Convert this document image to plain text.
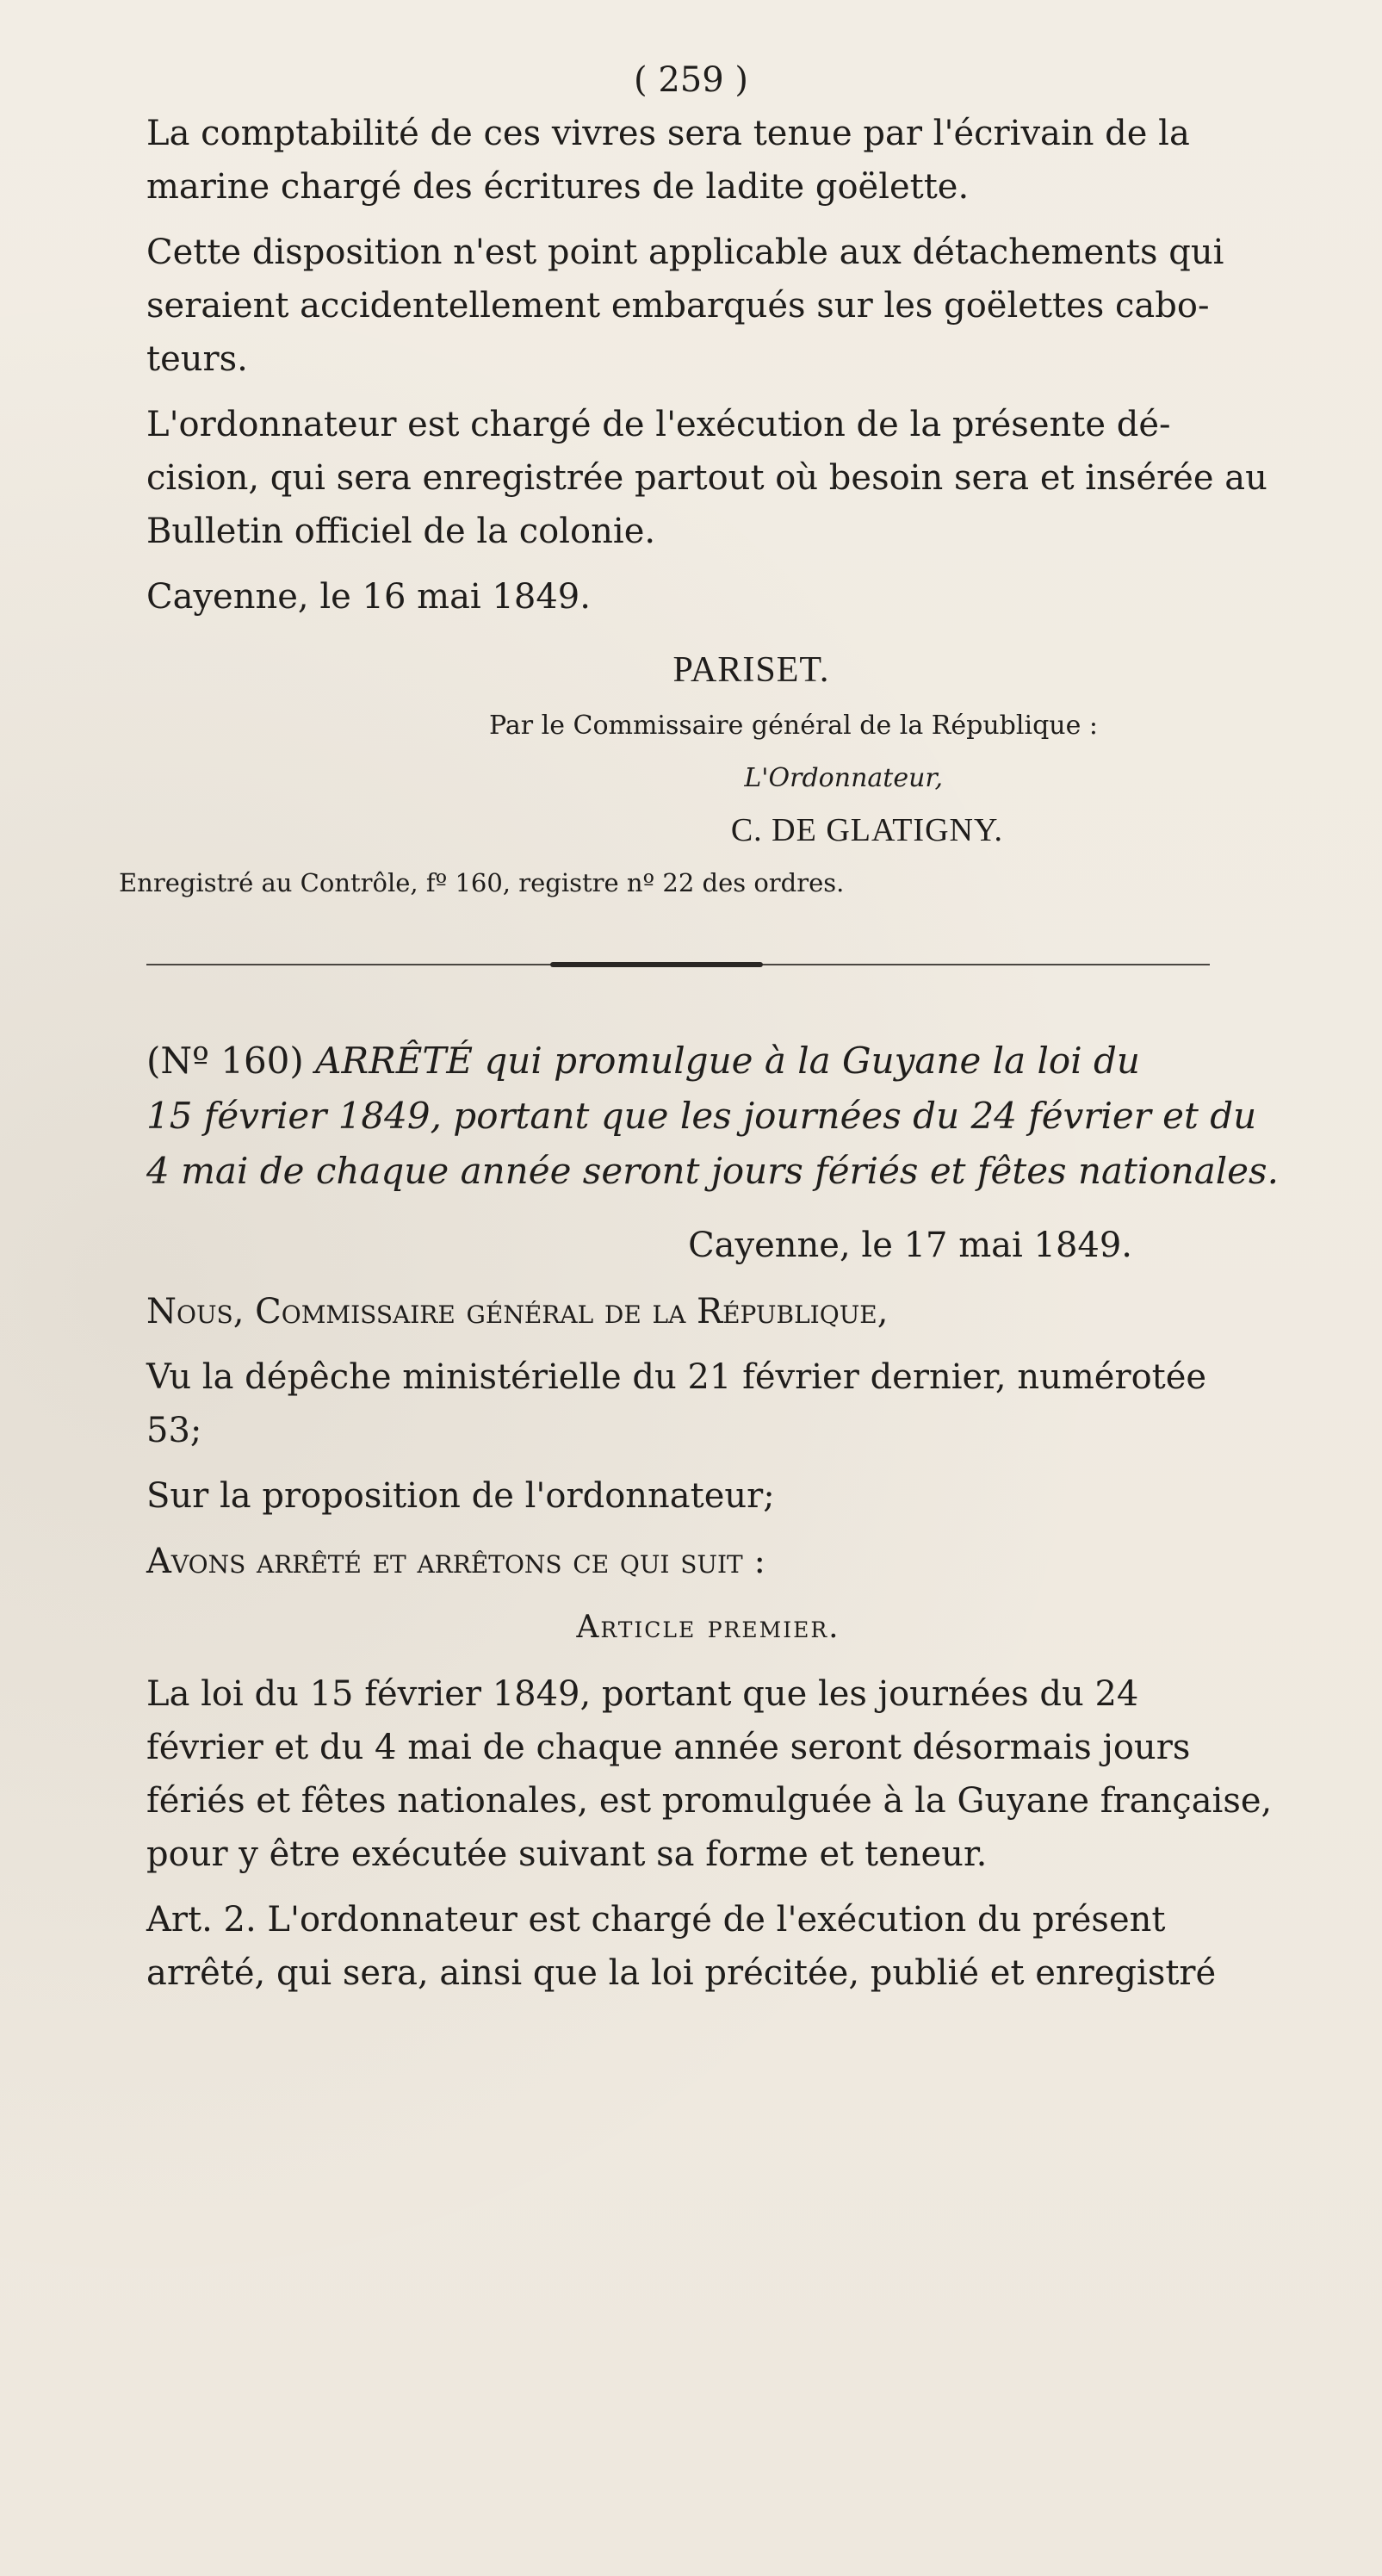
( 259 )
La comptabilité de ces vivres sera tenue par l'écrivain de la
marine chargé des écritures de ladite goëlette.
Cette disposition n'est point applicable aux détachements qui
seraient accidentellement embarqués sur les goëlettes cabo-
teurs.
L'ordonnateur est chargé de l'exécution de la présente dé-
cision, qui sera enregistrée partout où besoin sera et insérée au
Bulletin officiel de la colonie.
Cayenne, le 16 mai 1849.
PARISET.
Par le Commissaire général de la République :
L'Ordonnateur,
C. DE GLATIGNY.
Enregistré au Contrôle, fº 160, registre nº 22 des ordres.
(Nº 160) ARRÊTÉ qui promulgue à la Guyane la loi du
15 février 1849, portant que les journées du 24 février et du
4 mai de chaque année seront jours fériés et fêtes nationales.
Cayenne, le 17 mai 1849.
Nous, Commissaire général de la République,
Vu la dépêche ministérielle du 21 février dernier, numérotée
53;
Sur la proposition de l'ordonnateur;
Avons arrêté et arrêtons ce qui suit :
Article premier.
La loi du 15 février 1849, portant que les journées du 24
février et du 4 mai de chaque année seront désormais jours
fériés et fêtes nationales, est promulguée à la Guyane française,
pour y être exécutée suivant sa forme et teneur.
Art. 2. L'ordonnateur est chargé de l'exécution du présent
arrêté, qui sera, ainsi que la loi précitée, publié et enregistré
